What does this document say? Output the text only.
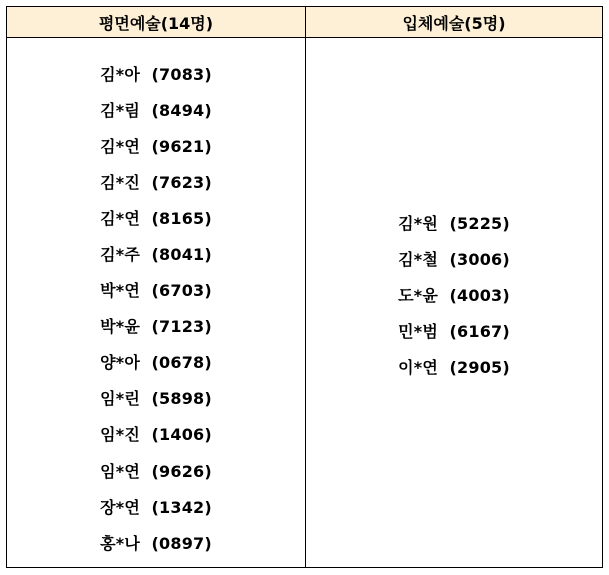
평면예술(14명)	입체예술(5명)
김*아  (7083)
김*림  (8494)
김*연  (9621)
김*진  (7623)
김*연  (8165)
김*주  (8041)
박*연  (6703)
박*윤  (7123)
양*아  (0678)
임*린  (5898)
임*진  (1406)
임*연  (9626)
장*연  (1342)
홍*나  (0897)
김*원  (5225)
김*철  (3006)
도*윤  (4003)
민*범  (6167)
이*연  (2905)
